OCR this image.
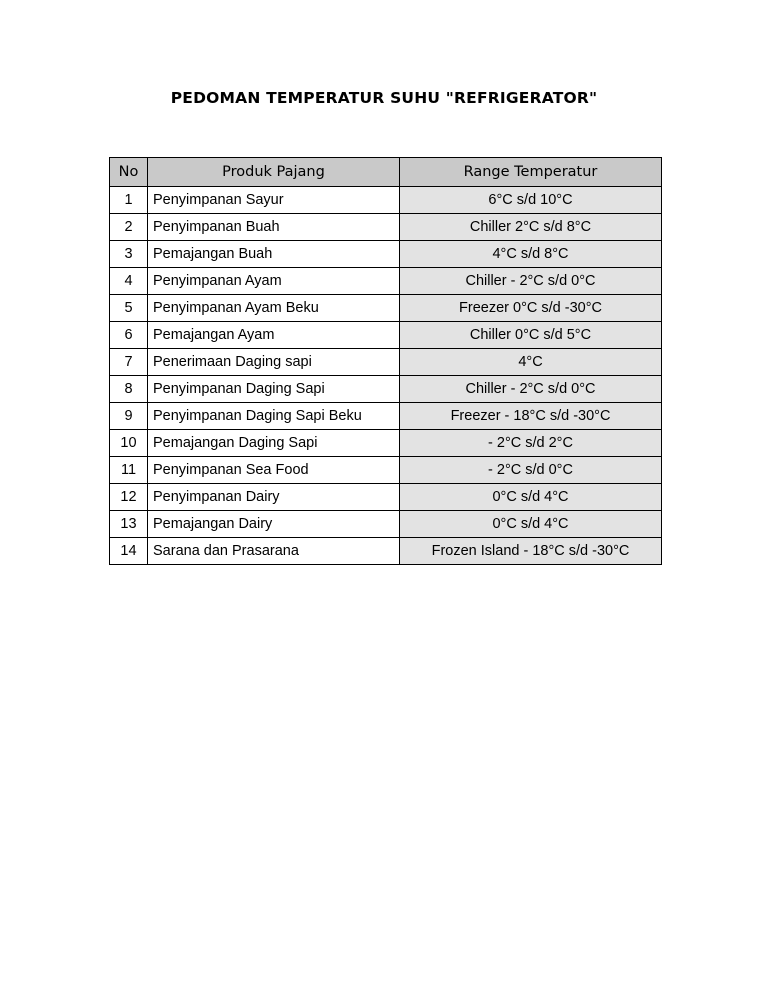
PEDOMAN TEMPERATUR SUHU "REFRIGERATOR"
No	Produk Pajang	Range Temperatur
1	Penyimpanan Sayur	6°C s/d 10°C
2	Penyimpanan Buah	Chiller 2°C s/d 8°C
3	Pemajangan Buah	4°C s/d 8°C
4	Penyimpanan Ayam	Chiller - 2°C s/d 0°C
5	Penyimpanan Ayam Beku	Freezer 0°C s/d -30°C
6	Pemajangan Ayam	Chiller 0°C s/d 5°C
7	Penerimaan Daging sapi	4°C
8	Penyimpanan Daging Sapi	Chiller - 2°C s/d 0°C
9	Penyimpanan Daging Sapi Beku	Freezer - 18°C s/d -30°C
10	Pemajangan Daging Sapi	- 2°C s/d 2°C
11	Penyimpanan Sea Food	- 2°C s/d 0°C
12	Penyimpanan Dairy	0°C s/d 4°C
13	Pemajangan Dairy	0°C s/d 4°C
14	Sarana dan Prasarana	Frozen Island - 18°C s/d -30°C
